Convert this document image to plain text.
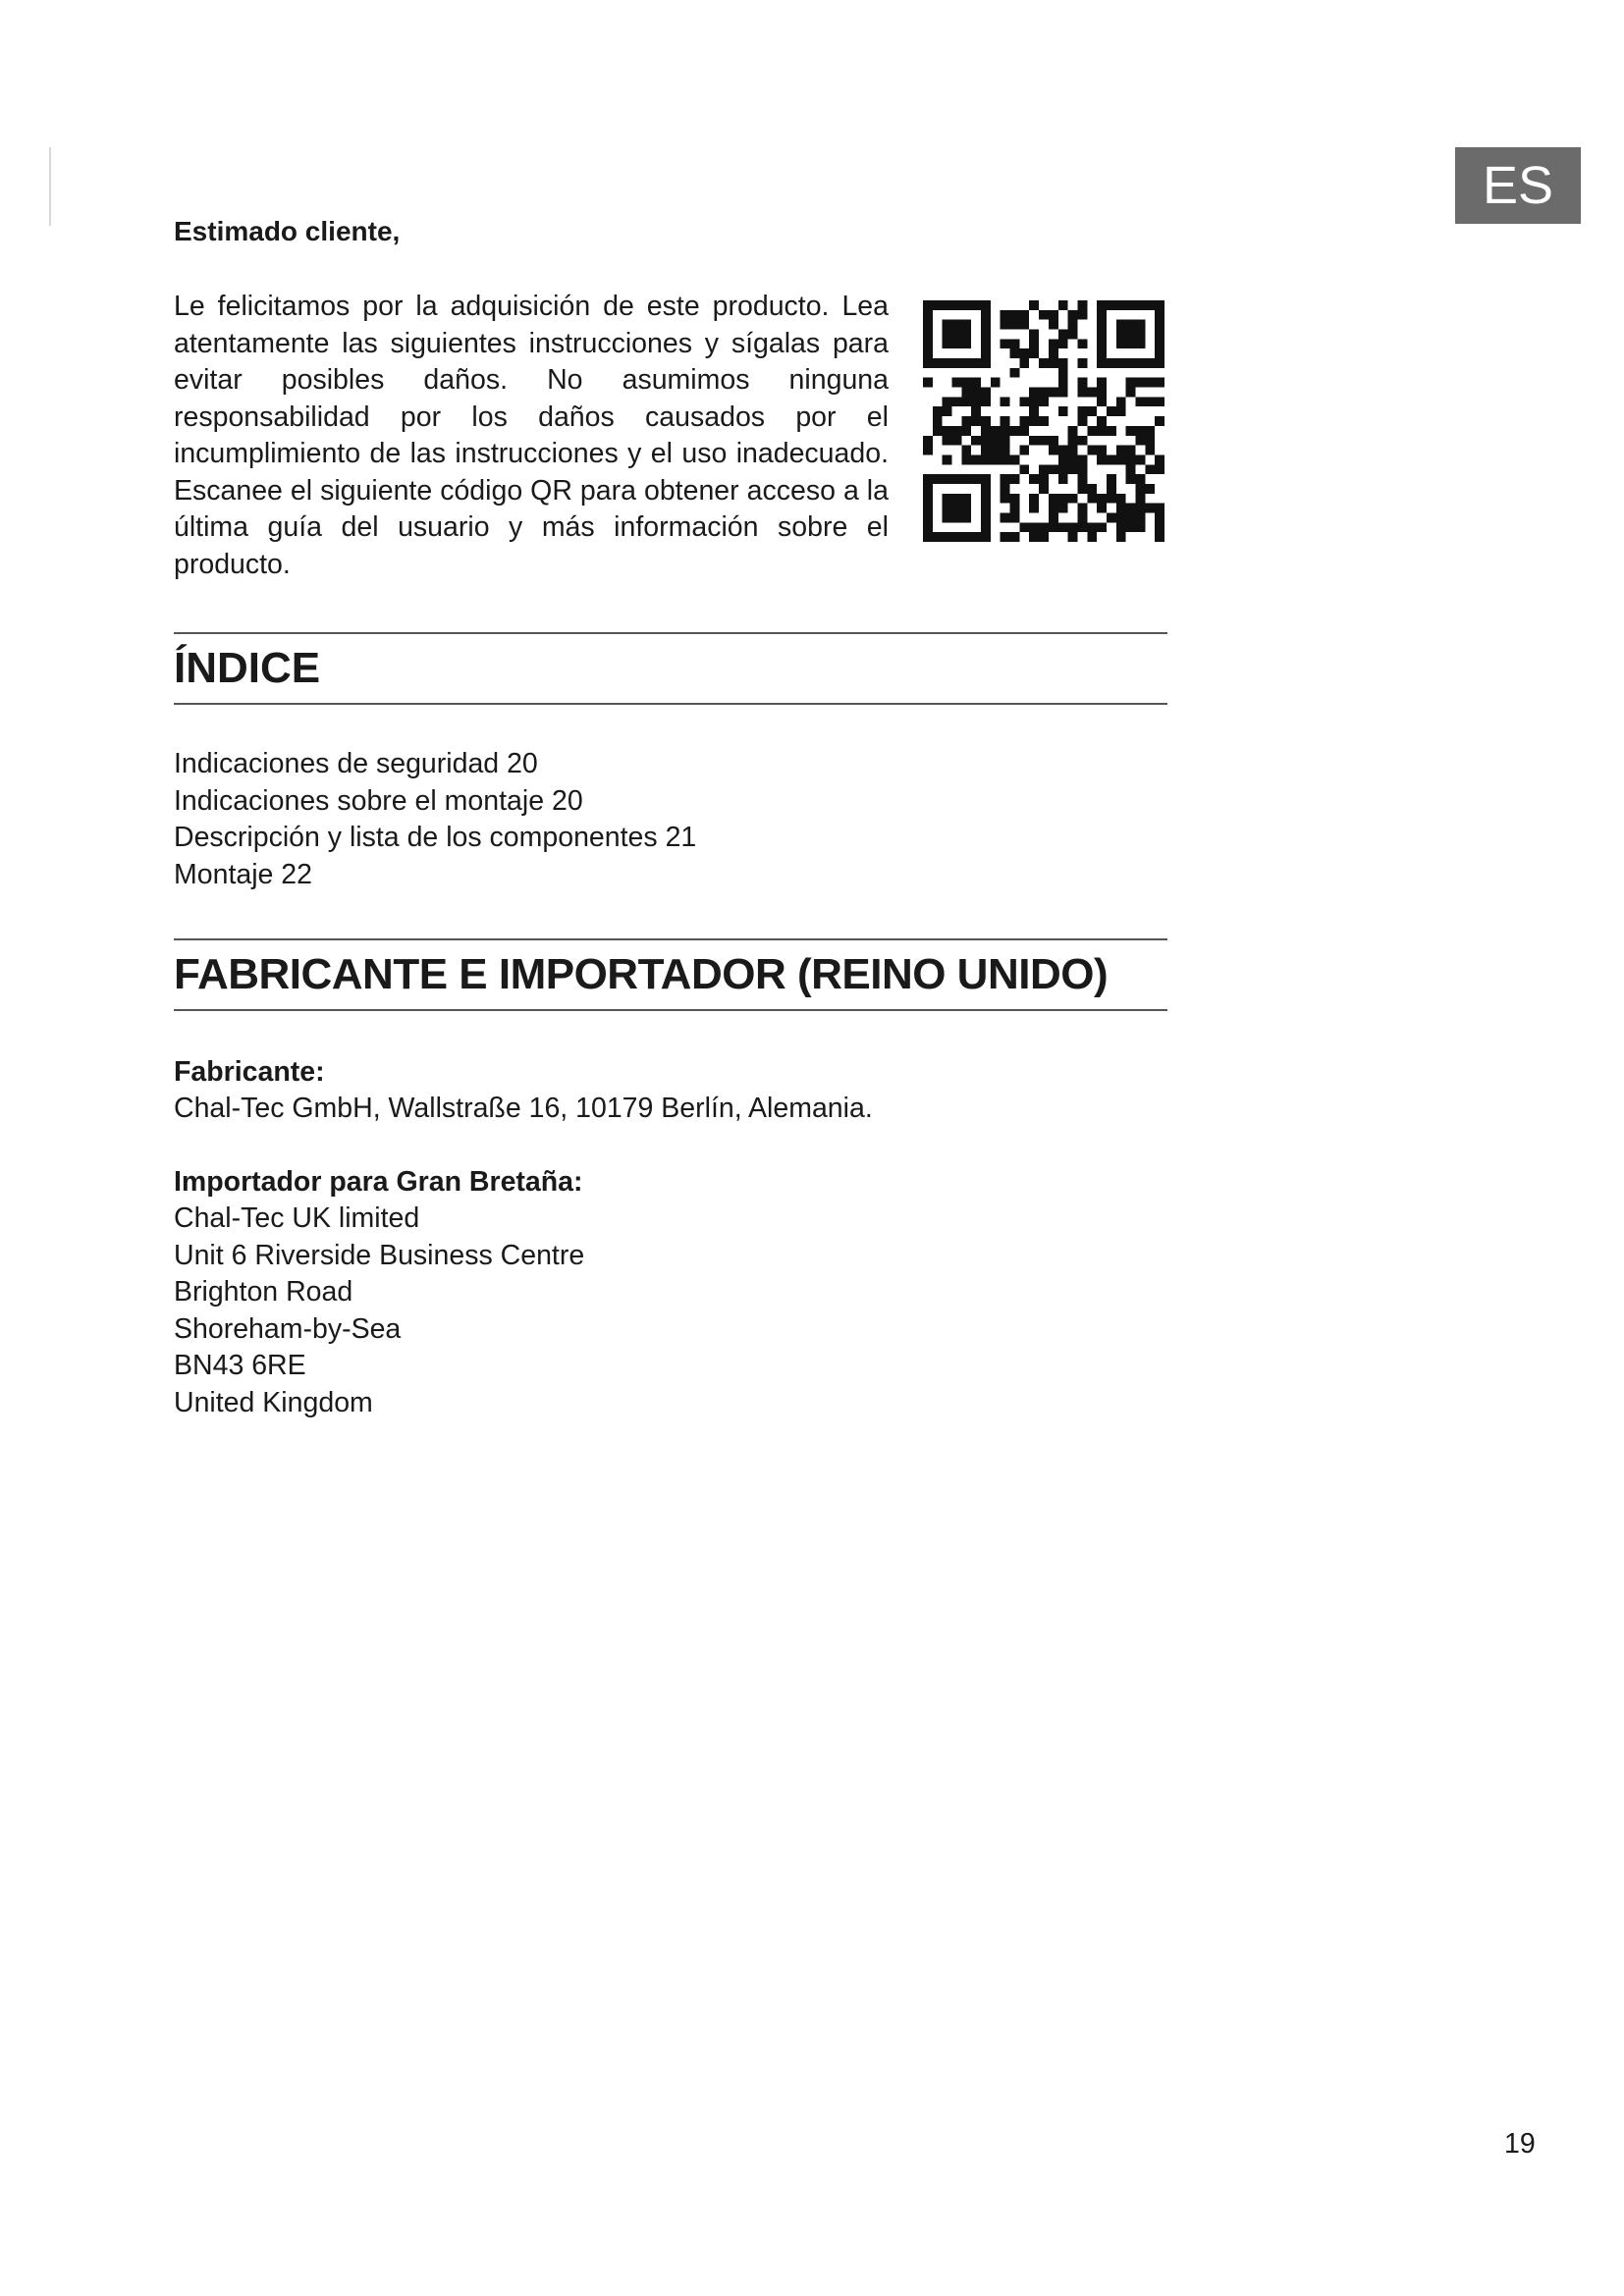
ES
Estimado cliente,

Le felicitamos por la adquisición de este producto. Lea atentamente las siguientes instrucciones y sígalas para evitar posibles daños. No asumimos ninguna responsabilidad por los daños causados por el incumplimiento de las instrucciones y el uso inadecuado. Escanee el siguiente código QR para obtener acceso a la última guía del usuario y más información sobre el producto.

ÍNDICE
Indicaciones de seguridad 20
Indicaciones sobre el montaje 20
Descripción y lista de los componentes 21
Montaje 22
FABRICANTE E IMPORTADOR (REINO UNIDO)
Fabricante:
Chal-Tec GmbH, Wallstraße 16, 10179 Berlín, Alemania.
Importador para Gran Bretaña:
Chal-Tec UK limited
Unit 6 Riverside Business Centre
Brighton Road
Shoreham-by-Sea
BN43 6RE
United Kingdom
19
